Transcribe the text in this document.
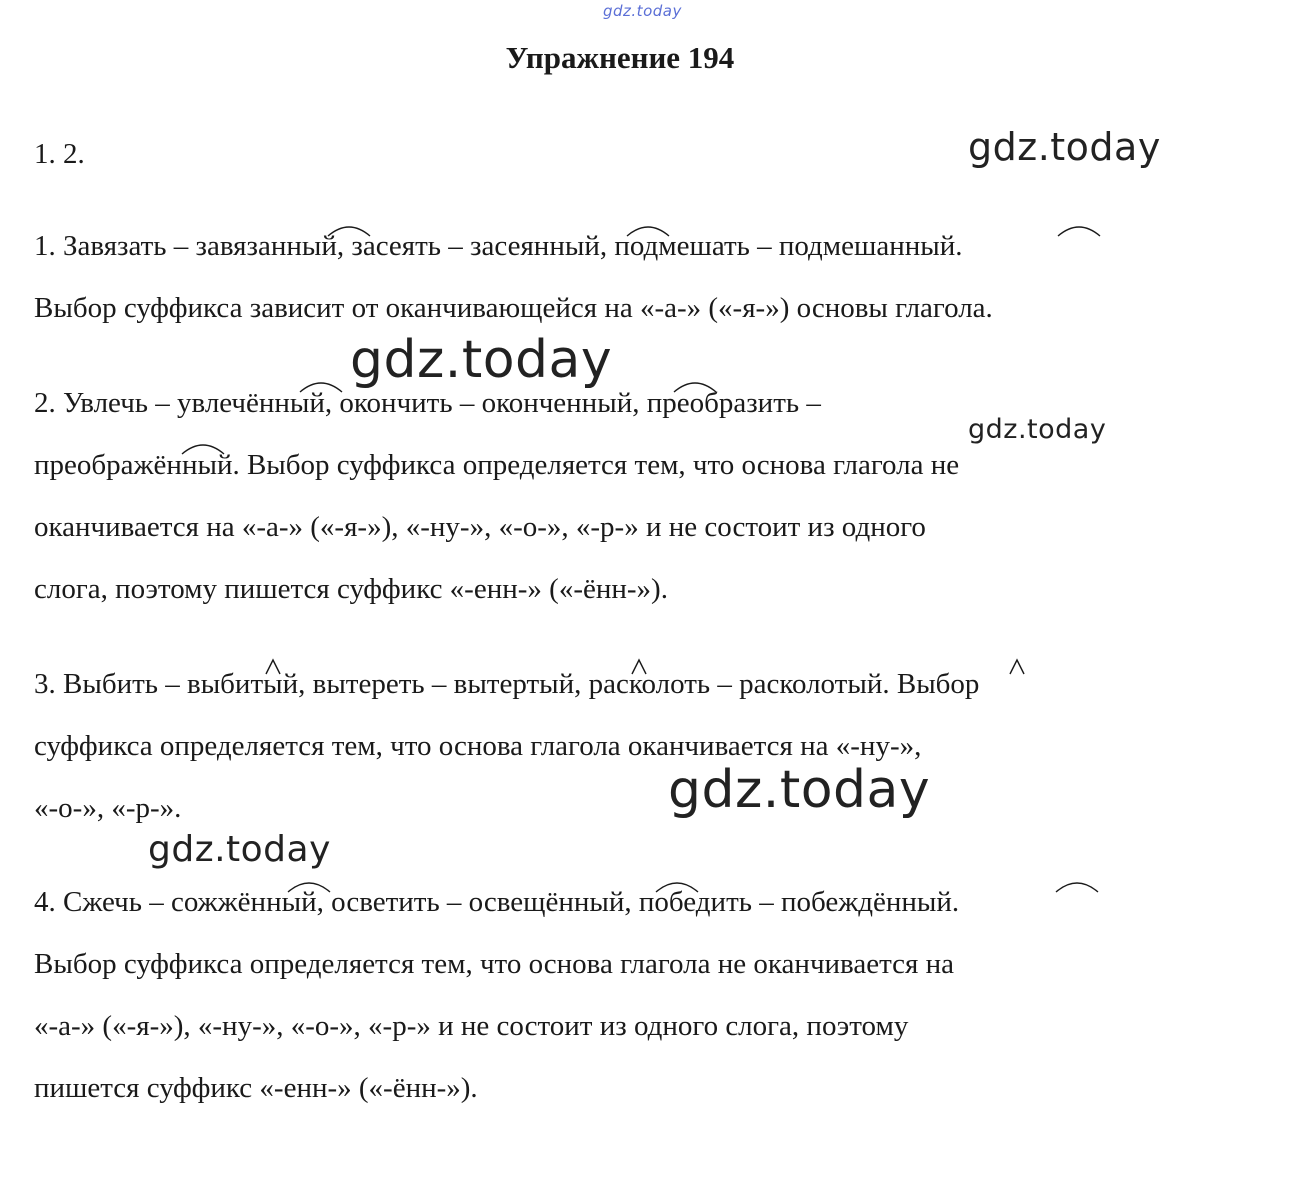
gdz.today
gdz.today
gdz.today
gdz.today
gdz.today
gdz.today
Упражнение 194

1. 2.

1. Завязать – завязанный, засеять – засеянный, подмешать – подмешанный.
Выбор суффикса зависит от оканчивающейся на «-а-» («-я-») основы глагола.
2. Увлечь – увлечённый, окончить – оконченный, преобразить –
преображённый. Выбор суффикса определяется тем, что основа глагола не
оканчивается на «-а-» («-я-»), «-ну-», «-о-», «-р-» и не состоит из одного
слога, поэтому пишется суффикс «-енн-» («-ённ-»).
3. Выбить – выбитый, вытереть – вытертый, расколоть – расколотый. Выбор
суффикса определяется тем, что основа глагола оканчивается на «-ну-»,
«-о-», «-р-».
4. Сжечь – сожжённый, осветить – освещённый, победить – побеждённый.
Выбор суффикса определяется тем, что основа глагола не оканчивается на
«-а-» («-я-»), «-ну-», «-о-», «-р-» и не состоит из одного слога, поэтому
пишется суффикс «-енн-» («-ённ-»).
